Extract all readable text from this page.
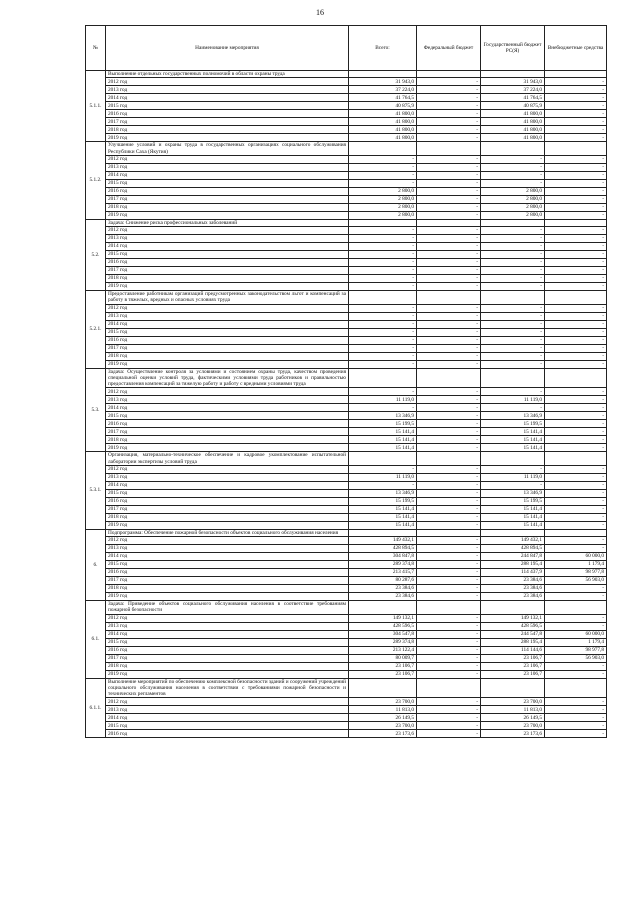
16
№	Наименование мероприятия	Всего:	Федеральный бюджет	Государственный бюджет РС(Я)	Внебюджетные средства
5.1.1.	Выполнение отдельных государственных полномочий в области охраны труда				
	2012 год	31 943,0	-	31 943,0	-
	2013 год	37 224,0	-	37 224,0	-
	2014 год	41 764,5	-	41 764,5	-
	2015 год	40 875,9	-	40 875,9	-
	2016 год	41 800,0	-	41 800,0	-
	2017 год	41 800,0	-	41 800,0	-
	2018 год	41 800,0	-	41 800,0	-
	2019 год	41 800,0	-	41 800,0	-
5.1.2.	Улучшение условий и охраны труда в государственных организациях социального обслуживания Республики Саха (Якутия)				
	2012 год	-	-	-	-
	2013 год	-	-	-	-
	2014 год	-	-	-	-
	2015 год	-	-	-	-
	2016 год	2 800,0	-	2 800,0	-
	2017 год	2 800,0	-	2 800,0	-
	2018 год	2 800,0	-	2 800,0	-
	2019 год	2 800,0	-	2 800,0	-
5.2.	Задача: Снижение риска профессиональных заболеваний				
	2012 год	-	-	-	-
	2013 год	-	-	-	-
	2014 год	-	-	-	-
	2015 год	-	-	-	-
	2016 год	-	-	-	-
	2017 год	-	-	-	-
	2018 год	-	-	-	-
	2019 год	-	-	-	-
5.2.1.	Предоставление работникам организаций предусмотренных законодательством льгот и компенсаций за работу в тяжелых, вредных и опасных условиях труда				
	2012 год	-	-	-	-
	2013 год	-	-	-	-
	2014 год	-	-	-	-
	2015 год	-	-	-	-
	2016 год	-	-	-	-
	2017 год	-	-	-	-
	2018 год	-	-	-	-
	2019 год	-	-	-	-
5.3.	Задача: Осуществление контроля за условиями и состоянием охраны труда, качеством проведения специальной оценки условий труда, фактическими условиями труда работников и правильностью предоставления компенсаций за тяжелую работу и работу с вредными условиями труда				
	2012 год	-	-	-	-
	2013 год	11 119,0	-	11 119,0	-
	2014 год	-	-	-	-
	2015 год	13 346,9	-	13 346,9	-
	2016 год	15 199,5	-	15 199,5	-
	2017 год	15 141,4	-	15 141,4	-
	2018 год	15 141,4	-	15 141,4	-
	2019 год	15 141,4	-	15 141,4	-
5.3.1.	Организация, материально-техническое обеспечение и кадровое укомплектование испытательной лаборатории экспертизы условий труда				
	2012 год	-	-	-	-
	2013 год	11 119,0	-	11 119,0	-
	2014 год	-	-	-	-
	2015 год	13 346,9	-	13 346,9	-
	2016 год	15 199,5	-	15 199,5	-
	2017 год	15 141,4	-	15 141,4	-
	2018 год	15 141,4	-	15 141,4	-
	2019 год	15 141,4	-	15 141,4	-
6.	Подпрограмма: Обеспечение пожарной безопасности объектов социального обслуживания населения				
	2012 год	149 432,1	-	149 432,1	-
	2013 год	428 894,5	-	428 894,5	-
	2014 год	304 847,8	-	244 847,8	60 000,0
	2015 год	289 374,8	-	288 195,4	1 179,4
	2016 год	213 415,7	-	114 437,9	98 977,8
	2017 год	80 287,6	-	23 384,6	56 903,0
	2018 год	23 384,6	-	23 384,6	-
	2019 год	23 384,6	-	23 384,6	-
6.1.	Задача: Приведение объектов социального обслуживания населения в соответствие требованиям пожарной безопасности				
	2012 год	149 132,1	-	149 132,1	-
	2013 год	428 596,5	-	428 596,5	-
	2014 год	304 547,8	-	244 547,8	60 000,0
	2015 год	289 374,8	-	288 195,4	1 179,4
	2016 год	213 122,4	-	114 144,6	98 977,8
	2017 год	80 009,7	-	23 106,7	56 903,0
	2018 год	23 106,7	-	23 106,7	-
	2019 год	23 106,7	-	23 106,7	-
6.1.1.	Выполнение мероприятий по обеспечению комплексной безопасности зданий и сооружений учреждений социального обслуживания населения в соответствии с требованиями пожарной безопасности и технических регламентов				
	2012 год	23 700,0	-	23 700,0	-
	2013 год	11 813,0	-	11 813,0	-
	2014 год	26 149,5	-	26 149,5	-
	2015 год	23 700,0	-	23 700,0	-
	2016 год	23 173,6	-	23 173,6	-
